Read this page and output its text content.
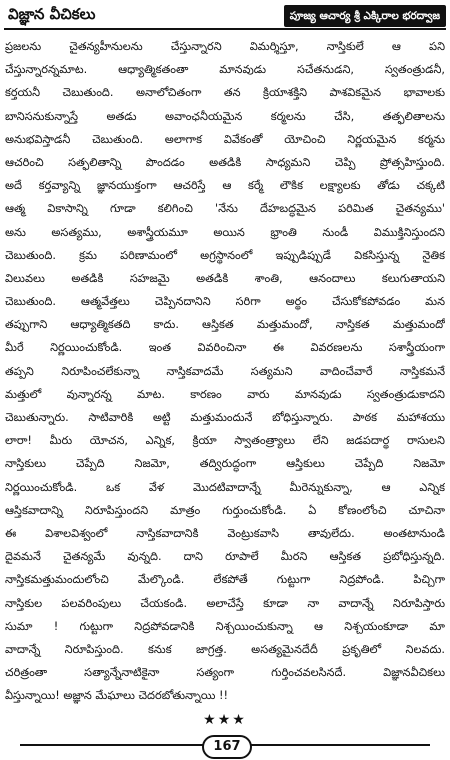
విజ్ఞాన వీచికలు	పూజ్య ఆచార్య శ్రీ ఎక్కిరాల భరద్వాజ
ప్రజలను చైతన్యహీనులను చేస్తున్నారని విమర్శిస్తూ, నాస్తికులే ఆ పని
చేస్తున్నారన్నమాట. ఆధ్యాత్మికతంతా మానవుడు సచేతనుడని, స్వతంత్రుడనీ,
కర్తయనీ చెబుతుంది. అనాలోచితంగా తన క్రియాశక్తిని పాశవికమైన భావాలకు
బానిసనుకున్నాస్తే అతడు అవాంఛనీయమైన కర్మలను చేసి, తత్ఫలితాలను
అనుభవిస్తాడనీ చెబుతుంది. అలాగాక వివేకంతో యోచించి నిర్ణయమైన కర్మను
ఆచరించి సత్ఫలితాన్ని పొందడం అతడికి సాధ్యమని చెప్పి ప్రోత్సహిస్తుంది.
అదే కర్తవ్యాన్ని జ్ఞానయుక్తంగా ఆచరిస్తే ఆ కర్మే లౌకిక లక్ష్యాలకు తోడు చక్కటి
ఆత్మ వికాసాన్ని గూడా కలిగించి 'నేను దేహబద్ధమైన పరిమిత చైతన్యము'
అను అసత్యము, అశాస్త్రీయమూ అయిన భ్రాంతి నుండీ విముక్తినిస్తుందని
చెబుతుంది. క్రమ పరిణామంలో అగ్రస్థానంలో ఇప్పుడిప్పుడే వికసిస్తున్న నైతిక
విలువలు అతడికి సహజమై అతడికి శాంతి, ఆనందాలు కలుగుతాయని
చెబుతుంది. ఆత్మవేత్తలు చెప్పినదానిని సరిగా అర్థం చేసుకోకపోవడం మన
తప్పుగాని ఆధ్యాత్మికతది కాదు. ఆస్తికత మత్తుమందో, నాస్తికత మత్తుమందో
మీరే నిర్ణయించుకోండి. ఇంత వివరించినా ఈ వివరణలను సశాస్త్రీయంగా
తప్పని నిరూపించలేకున్నా నాస్తికవాదమే సత్యమని వాదించేవారే నాస్తికమనే
మత్తులో వున్నారన్న మాట. కారణం వారు మానవుడు స్వతంత్రుడుకాదని
చెబుతున్నారు. సాటివారికి అట్టి మత్తుమందునే బోధిస్తున్నారు. పాఠక మహాశయు
లారా! మీరు యోచన, ఎన్నిక, క్రియా స్వాతంత్ర్యాలు లేని జడపదార్థ రాసులని
నాస్తికులు చెప్పేది నిజమో, తద్విరుద్ధంగా ఆస్తికులు చెప్పేది నిజమో
నిర్ణయించుకోండి. ఒక వేళ మొదటివాదాన్నే మీరెన్నుకున్నా, ఆ ఎన్నిక
ఆస్తికవాదాన్ని నిరూపిస్తుందని మాత్రం గుర్తుంచుకోండి. ఏ కోణంలోంచి చూచినా
ఈ విశాలవిశ్వంలో నాస్తికవాదానికి వెంట్రుకవాసి తావులేదు. అంతటానుండి
దైవమనే చైతన్యమే వున్నది. దాని రూపాలే మీరని ఆస్తికత ప్రబోధిస్తున్నది.
నాస్తికమత్తుమందులోంచి మేల్కొండి. లేకపోతే గుట్టుగా నిద్రపోండి. పిచ్చిగా
నాస్తికుల పలవరింపులు చేయకండి. అలాచేస్తే కూడా నా వాదాన్నే నిరూపిస్తారు
సుమా ! గుట్టుగా నిద్రపోవడానికి నిశ్చయించుకున్నా ఆ నిశ్చయంకూడా మా
వాదాన్నే నిరూపిస్తుంది. కనుక జాగ్రత్త. అసత్యమైనదేదీ ప్రకృతిలో నిలవదు.
చరిత్రంతా సత్యాన్నేనాటికైనా సత్యంగా గుర్తించవలసినదే. విజ్ఞానవీచికలు
వీస్తున్నాయి! అజ్ఞాన మేఘాలు చెదరబోతున్నాయి !!
★★★
167
